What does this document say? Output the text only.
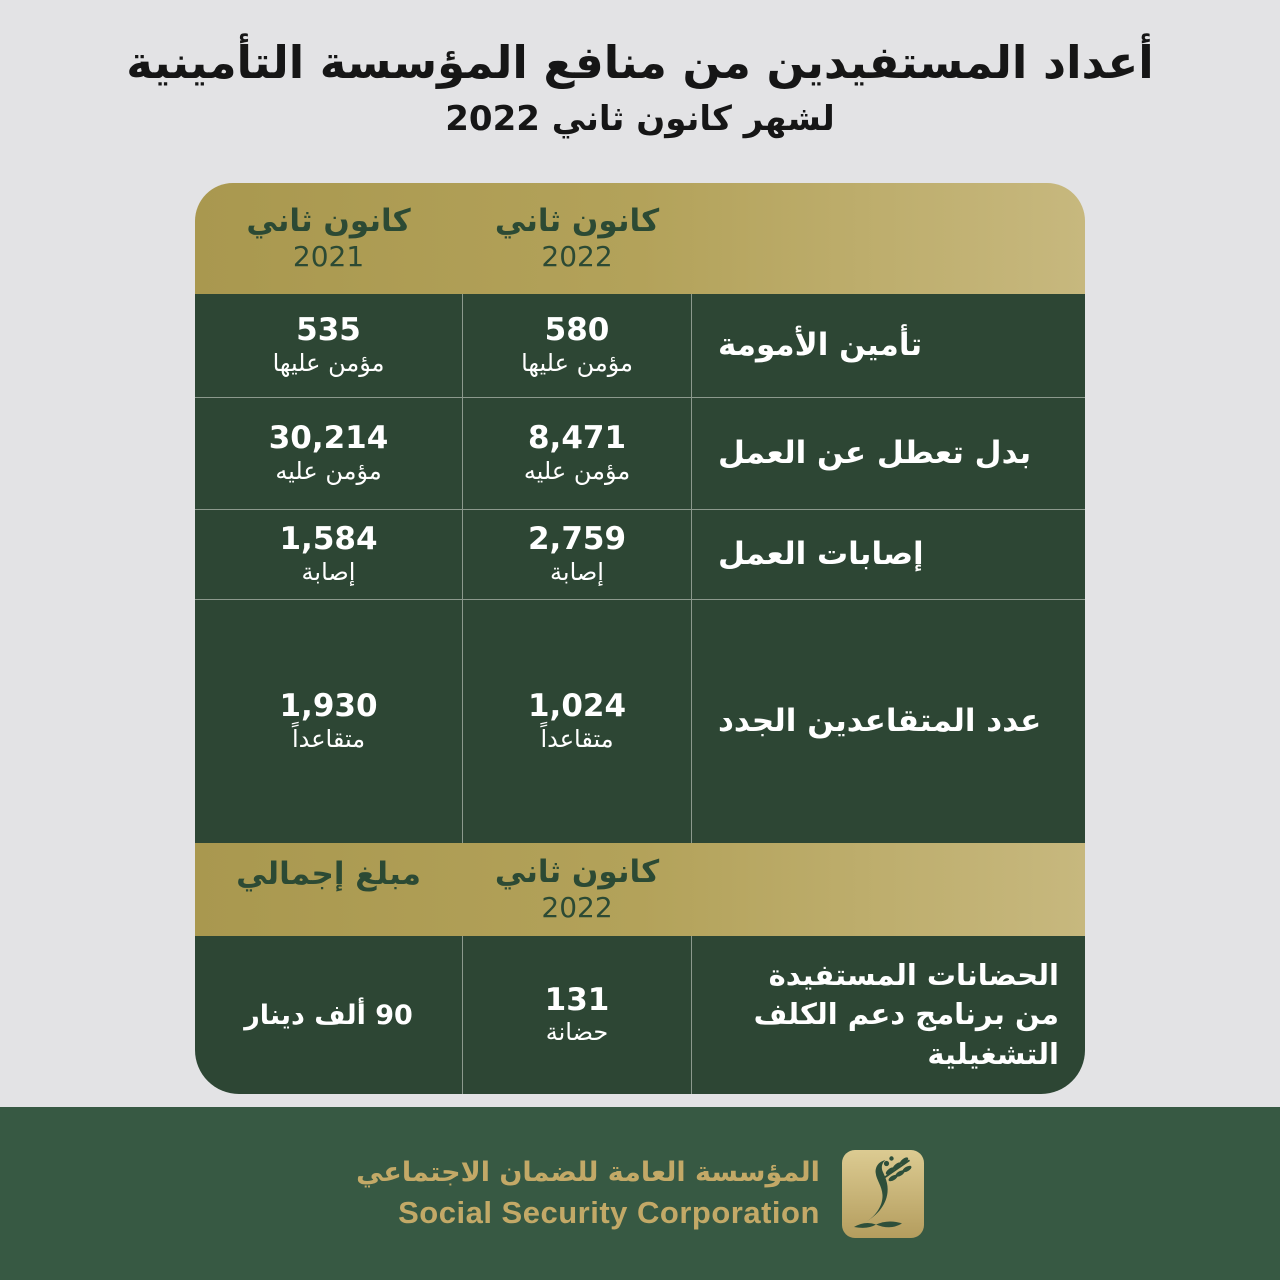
أعداد المستفيدين من منافع المؤسسة التأمينية
لشهر كانون ثاني 2022
كانون ثاني
2022
كانون ثاني
2021
تأمين الأمومة
580
مؤمن عليها
535
مؤمن عليها
بدل تعطل عن العمل
8,471
مؤمن عليه
30,214
مؤمن عليه
إصابات العمل
2,759
إصابة
1,584
إصابة
عدد المتقاعدين الجدد
1,024
متقاعداً
1,930
متقاعداً
كانون ثاني
2022
مبلغ إجمالي
الحضانات المستفيدة من برنامج دعم الكلف التشغيلية
131
حضانة
90 ألف دينار
المؤسسة العامة للضمان الاجتماعي
Social Security Corporation
